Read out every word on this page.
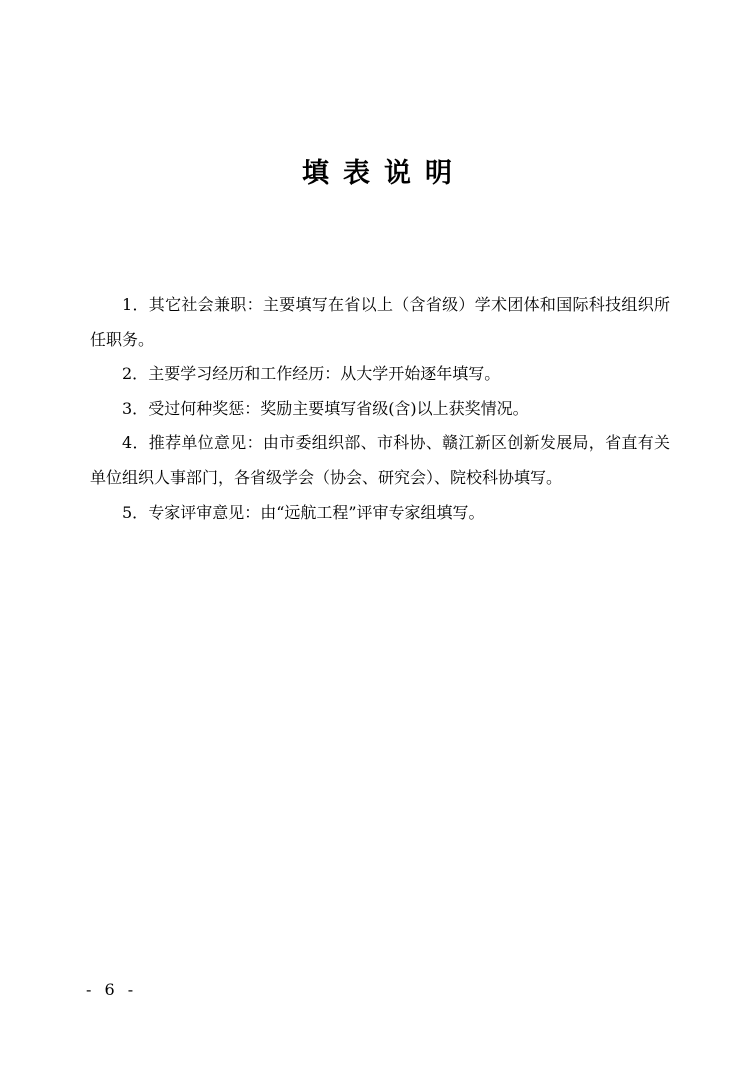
填表说明
1．其它社会兼职：主要填写在省以上（含省级）学术团体和国际科技组织所任职务。
2．主要学习经历和工作经历：从大学开始逐年填写。
3．受过何种奖惩：奖励主要填写省级(含)以上获奖情况。
4．推荐单位意见：由市委组织部、市科协、赣江新区创新发展局，省直有关单位组织人事部门，各省级学会（协会、研究会）、院校科协填写。
5．专家评审意见：由“远航工程”评审专家组填写。
- 6 -
